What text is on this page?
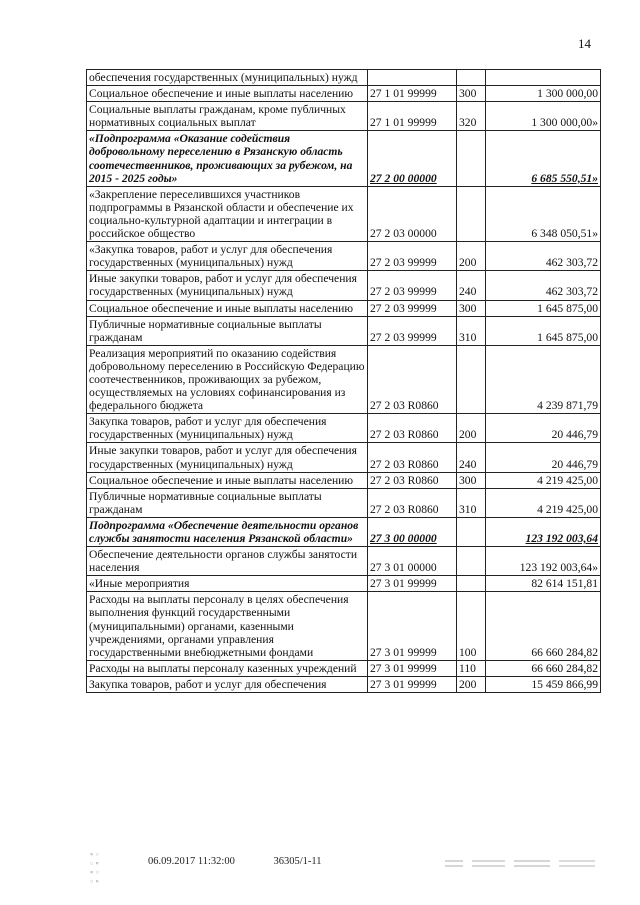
14
обеспечения государственных (муниципальных) нужд			
Социальное обеспечение и иные выплаты населению	27 1 01 99999	300	1 300 000,00
Социальные выплаты гражданам, кроме публичных нормативных социальных выплат	27 1 01 99999	320	1 300 000,00»
«Подпрограмма «Оказание содействия добровольному переселению в Рязанскую область соотечественников, проживающих за рубежом, на 2015 - 2025 годы»	27 2 00 00000		6 685 550,51»
«Закрепление переселившихся участников подпрограммы в Рязанской области и обеспечение их социально-культурной адаптации и интеграции в российское общество	27 2 03 00000		6 348 050,51»
«Закупка товаров, работ и услуг для обеспечения государственных (муниципальных) нужд	27 2 03 99999	200	462 303,72
Иные закупки товаров, работ и услуг для обеспечения государственных (муниципальных) нужд	27 2 03 99999	240	462 303,72
Социальное обеспечение и иные выплаты населению	27 2 03 99999	300	1 645 875,00
Публичные нормативные социальные выплаты гражданам	27 2 03 99999	310	1 645 875,00
Реализация мероприятий по оказанию содействия добровольному переселению в Российскую Федерацию соотечественников, проживающих за рубежом, осуществляемых на условиях софинансирования из федерального бюджета	27 2 03 R0860		4 239 871,79
Закупка товаров, работ и услуг для обеспечения государственных (муниципальных) нужд	27 2 03 R0860	200	20 446,79
Иные закупки товаров, работ и услуг для обеспечения государственных (муниципальных) нужд	27 2 03 R0860	240	20 446,79
Социальное обеспечение и иные выплаты населению	27 2 03 R0860	300	4 219 425,00
Публичные нормативные социальные выплаты гражданам	27 2 03 R0860	310	4 219 425,00
Подпрограмма «Обеспечение деятельности органов службы занятости населения Рязанской области»	27 3 00 00000		123 192 003,64
Обеспечение деятельности органов службы занятости населения	27 3 01 00000		123 192 003,64»
«Иные мероприятия	27 3 01 99999		82 614 151,81
Расходы на выплаты персоналу в целях обеспечения выполнения функций государственными (муниципальными) органами, казенными учреждениями, органами управления государственными внебюджетными фондами	27 3 01 99999	100	66 660 284,82
Расходы на выплаты персоналу казенных учреждений	27 3 01 99999	110	66 660 284,82
Закупка товаров, работ и услуг для обеспечения	27 3 01 99999	200	15 459 866,99
▪ ▫
▫ ▪
▪ ▫
▫ ▪
06.09.2017 11:32:00	36305/1-11
